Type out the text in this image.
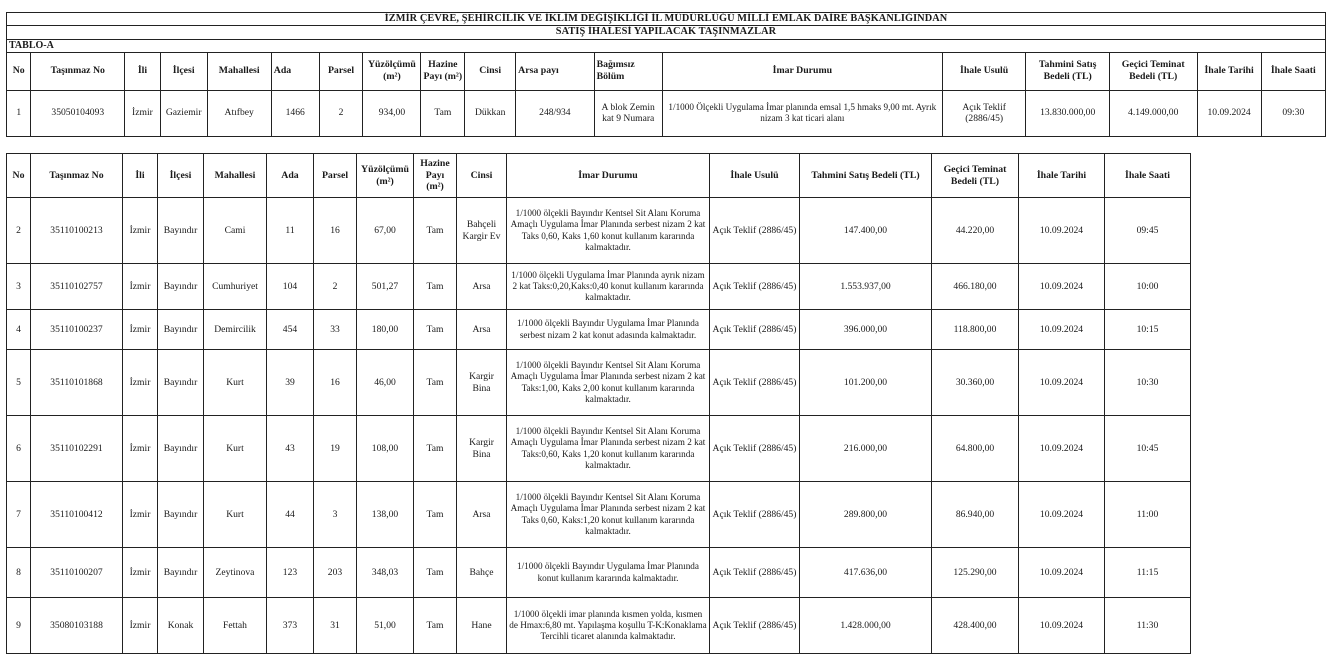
İZMİR ÇEVRE, ŞEHİRCİLİK VE İKLİM DEĞİŞİKLİĞİ İL MÜDÜRLÜĞÜ MİLLİ EMLAK DAİRE BAŞKANLIĞINDAN																	
SATIŞ İHALESİ YAPILACAK TAŞINMAZLAR																	
TABLO-A																	
No	Taşınmaz No	İli	İlçesi	Mahallesi	Ada	Parsel	Yüzölçümü (m²)	Hazine Payı (m²)	Cinsi	Arsa payı	Bağımsız Bölüm	İmar Durumu	İhale Usulü	Tahmini Satış Bedeli (TL)	Geçici Teminat Bedeli (TL)	İhale Tarihi	İhale Saati
1	35050104093	İzmir	Gaziemir	Atıfbey	1466	2	934,00	Tam	Dükkan	248/934	A blok Zemin kat 9 Numara	1/1000 Ölçekli Uygulama İmar planında emsal 1,5 hmaks 9,00 mt. Ayrık nizam 3 kat ticari alanı	Açık Teklif (2886/45)	13.830.000,00	4.149.000,00	10.09.2024	09:30
No	Taşınmaz No	İli	İlçesi	Mahallesi	Ada	Parsel	Yüzölçümü (m²)	Hazine Payı (m²)	Cinsi	İmar Durumu	İhale Usulü	Tahmini Satış Bedeli (TL)	Geçici Teminat Bedeli (TL)	İhale Tarihi	İhale Saati
2	35110100213	İzmir	Bayındır	Cami	11	16	67,00	Tam	Bahçeli Kargir Ev	1/1000 ölçekli Bayındır Kentsel Sit Alanı Koruma Amaçlı Uygulama İmar Planında serbest nizam 2 kat Taks 0,60, Kaks 1,60 konut kullanım kararında kalmaktadır.	Açık Teklif (2886/45)	147.400,00	44.220,00	10.09.2024	09:45
3	35110102757	İzmir	Bayındır	Cumhuriyet	104	2	501,27	Tam	Arsa	1/1000 ölçekli Uygulama İmar Planında ayrık nizam 2 kat Taks:0,20,Kaks:0,40 konut kullanım kararında kalmaktadır.	Açık Teklif (2886/45)	1.553.937,00	466.180,00	10.09.2024	10:00
4	35110100237	İzmir	Bayındır	Demircilik	454	33	180,00	Tam	Arsa	1/1000 ölçekli Bayındır Uygulama İmar Planında serbest nizam 2 kat konut adasında kalmaktadır.	Açık Teklif (2886/45)	396.000,00	118.800,00	10.09.2024	10:15
5	35110101868	İzmir	Bayındır	Kurt	39	16	46,00	Tam	Kargir Bina	1/1000 ölçekli Bayındır Kentsel Sit Alanı Koruma Amaçlı Uygulama İmar Planında serbest nizam 2 kat Taks:1,00, Kaks 2,00 konut kullanım kararında kalmaktadır.	Açık Teklif (2886/45)	101.200,00	30.360,00	10.09.2024	10:30
6	35110102291	İzmir	Bayındır	Kurt	43	19	108,00	Tam	Kargir Bina	1/1000 ölçekli Bayındır Kentsel Sit Alanı Koruma Amaçlı Uygulama İmar Planında serbest nizam 2 kat Taks:0,60, Kaks 1,20 konut kullanım kararında kalmaktadır.	Açık Teklif (2886/45)	216.000,00	64.800,00	10.09.2024	10:45
7	35110100412	İzmir	Bayındır	Kurt	44	3	138,00	Tam	Arsa	1/1000 ölçekli Bayındır Kentsel Sit Alanı Koruma Amaçlı Uygulama İmar Planında serbest nizam 2 kat Taks 0,60, Kaks:1,20 konut kullanım kararında kalmaktadır.	Açık Teklif (2886/45)	289.800,00	86.940,00	10.09.2024	11:00
8	35110100207	İzmir	Bayındır	Zeytinova	123	203	348,03	Tam	Bahçe	1/1000 ölçekli Bayındır Uygulama İmar Planında konut kullanım kararında kalmaktadır.	Açık Teklif (2886/45)	417.636,00	125.290,00	10.09.2024	11:15
9	35080103188	İzmir	Konak	Fettah	373	31	51,00	Tam	Hane	1/1000 ölçekli imar planında kısmen yolda, kısmen de Hmax:6,80 mt. Yapılaşma koşullu T-K:Konaklama Tercihli ticaret alanında kalmaktadır.	Açık Teklif (2886/45)	1.428.000,00	428.400,00	10.09.2024	11:30
